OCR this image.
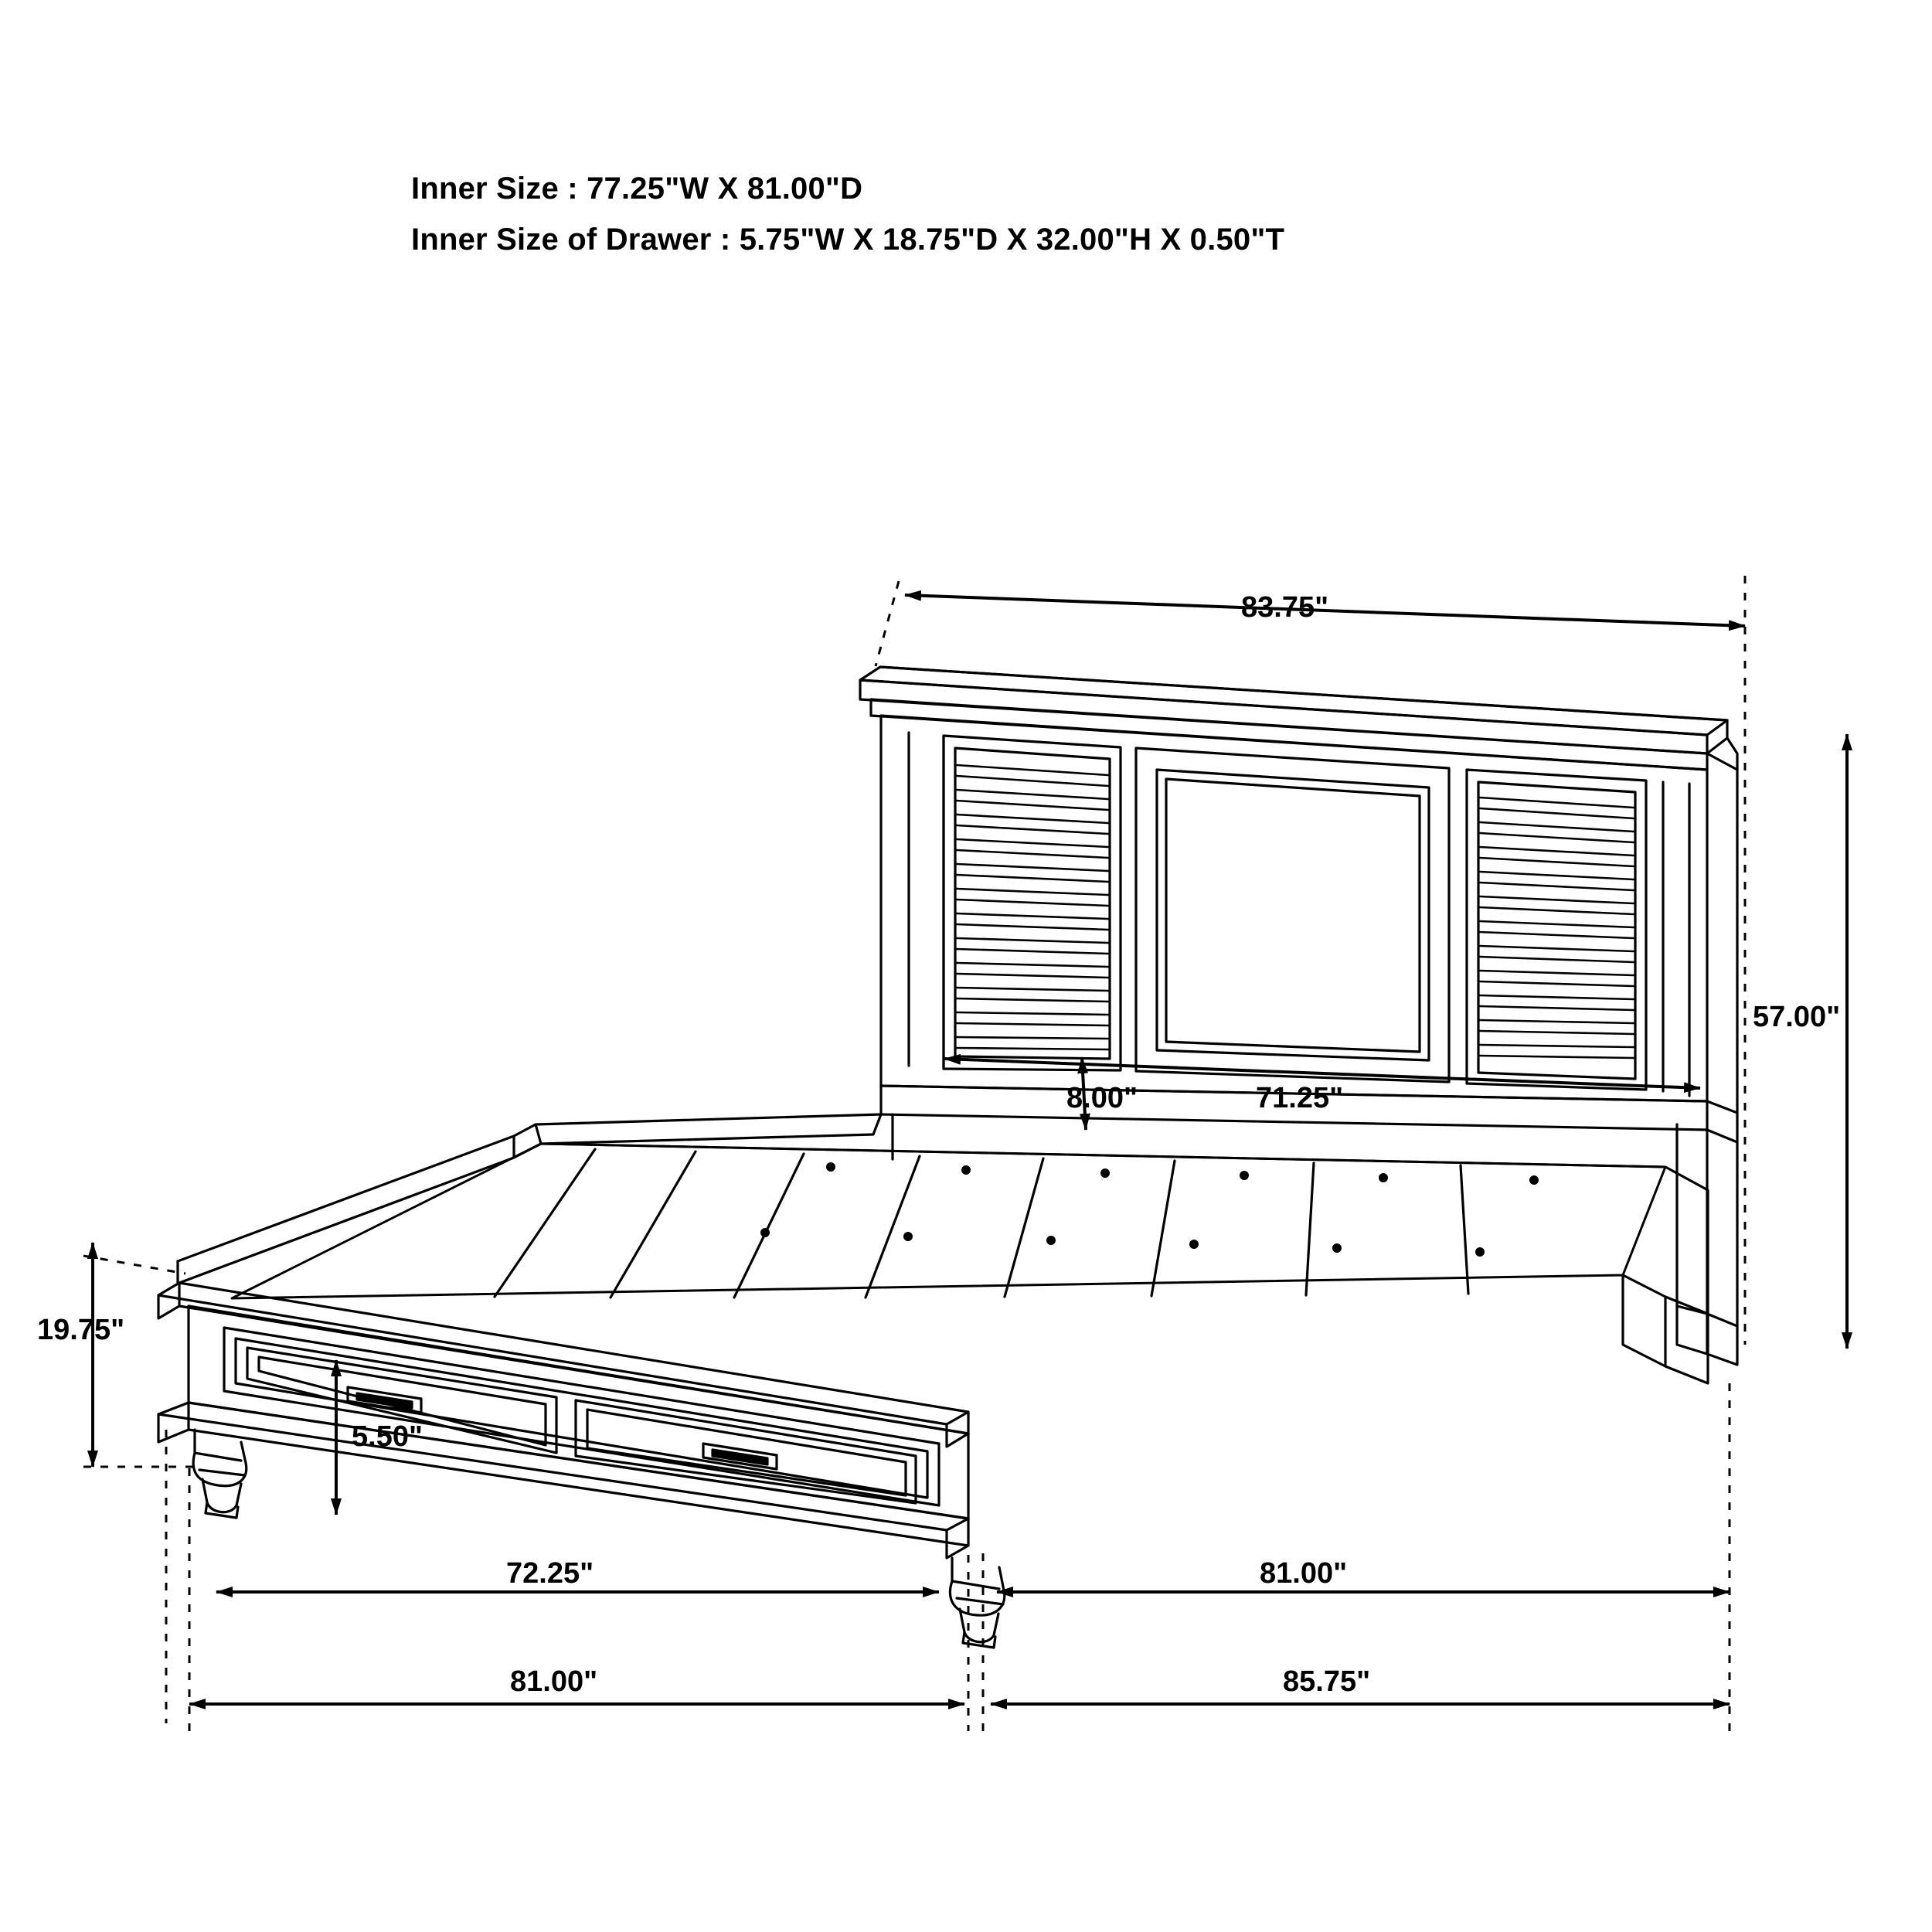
Inner Size : 77.25"W X 81.00"D
Inner Size of Drawer : 5.75"W X 18.75"D X 32.00"H X 0.50"T
83.75"
57.00"
8.00"	71.25"
19.75"
5.50"
72.25"	81.00"
81.00"	85.75"
